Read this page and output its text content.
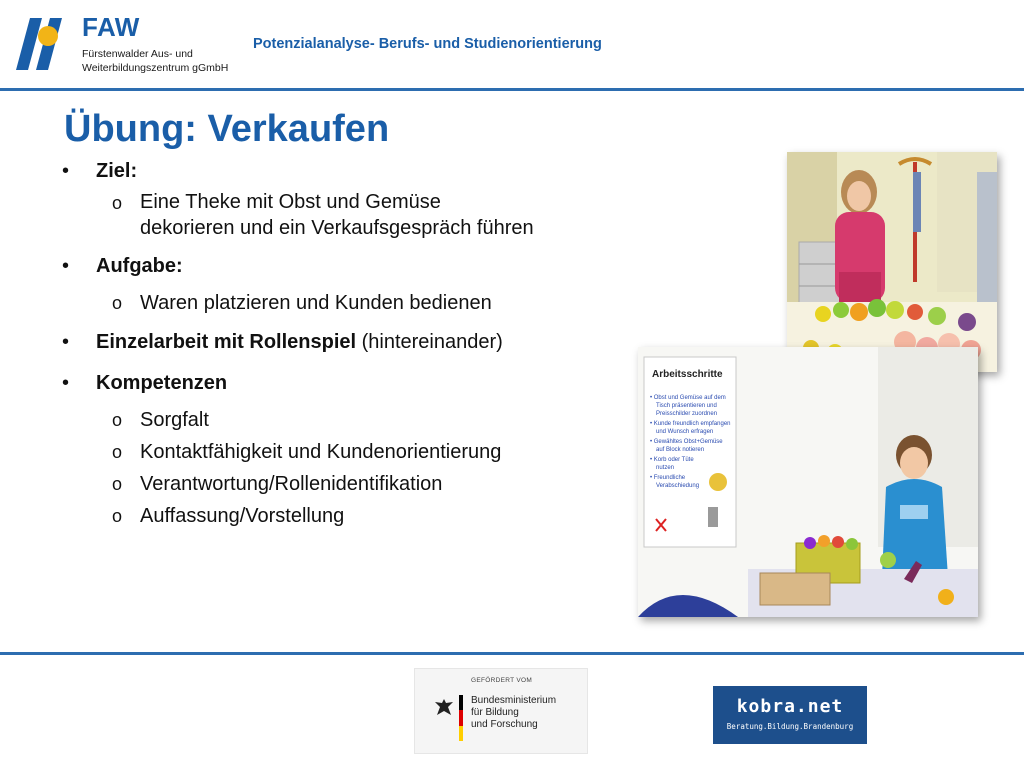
FAW
Fürstenwalder Aus- und
Weiterbildungszentrum gGmbH
Potenzialanalyse- Berufs- und Studienorientierung
Übung: Verkaufen
• Ziel:
o Eine Theke mit Obst und Gemüse
dekorieren und ein Verkaufsgespräch führen
• Aufgabe:
o Waren platzieren und Kunden bedienen
• Einzelarbeit mit Rollenspiel (hintereinander)
• Kompetenzen
o Sorgfalt
o Kontaktfähigkeit und Kundenorientierung
o Verantwortung/Rollenidentifikation
o Auffassung/Vorstellung
Arbeitsschritte
• Obst und Gemüse auf dem
Tisch präsentieren und
Preisschilder zuordnen
• Kunde freundlich empfangen
und Wunsch erfragen
• Gewähltes Obst+Gemüse
auf Block notieren
• Korb oder Tüte
nutzen
• Freundliche
Verabschiedung
GEFÖRDERT VOM
Bundesministerium
für Bildung
und Forschung
kobra.net
Beratung.Bildung.Brandenburg
